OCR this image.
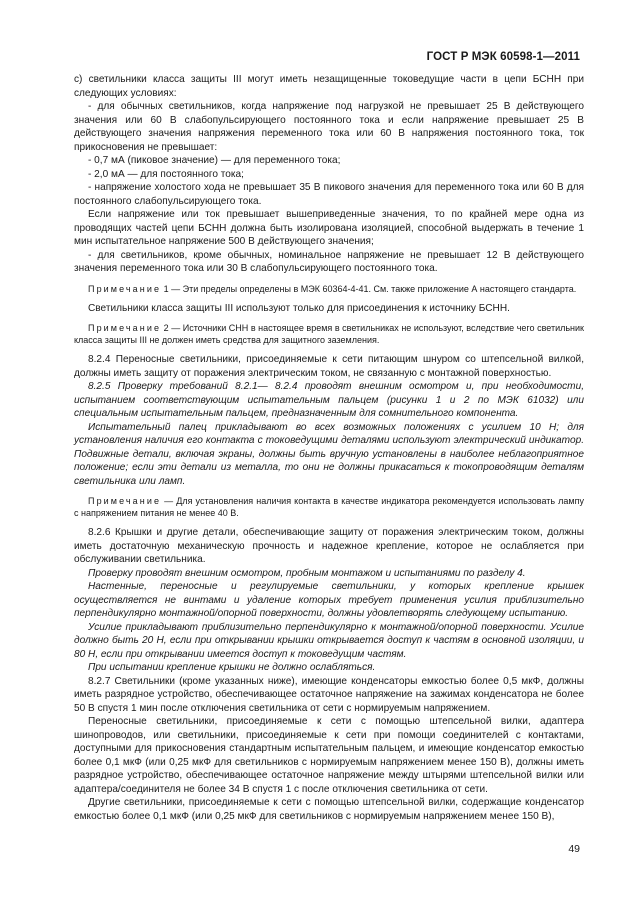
ГОСТ Р МЭК 60598-1—2011

с) светильники класса защиты III могут иметь незащищенные токоведущие части в цепи БСНН при следующих условиях:

- для обычных светильников, когда напряжение под нагрузкой не превышает 25 В действующего значения или 60 В слабопульсирующего постоянного тока и если напряжение превышает 25 В действующего значения напряжения переменного тока или 60 В напряжения постоянного тока, ток прикосновения не превышает:

- 0,7 мА (пиковое значение) — для переменного тока;

- 2,0 мА — для постоянного тока;

- напряжение холостого хода не превышает 35 В пикового значения для переменного тока или 60 В для постоянного слабопульсирующего тока.

Если напряжение или ток превышает вышеприведенные значения, то по крайней мере одна из проводящих частей цепи БСНН должна быть изолирована изоляцией, способной выдержать в течение 1 мин испытательное напряжение 500 В действующего значения;

- для светильников, кроме обычных, номинальное напряжение не превышает 12 В действующего значения переменного тока или 30 В слабопульсирующего постоянного тока.

Примечание 1 — Эти пределы определены в МЭК 60364-4-41. См. также приложение А настоящего стандарта.

Светильники класса защиты III используют только для присоединения к источнику БСНН.

Примечание 2 — Источники СНН в настоящее время в светильниках не используют, вследствие чего светильник класса защиты III не должен иметь средства для защитного заземления.

8.2.4 Переносные светильники, присоединяемые к сети питающим шнуром со штепсельной вилкой, должны иметь защиту от поражения электрическим током, не связанную с монтажной поверхностью.

8.2.5 Проверку требований 8.2.1— 8.2.4 проводят внешним осмотром и, при необходимости, испытанием соответствующим испытательным пальцем (рисунки 1 и 2 по МЭК 61032) или специальным испытательным пальцем, предназначенным для сомнительного компонента.

Испытательный палец прикладывают во всех возможных положениях с усилием 10 Н; для установления наличия его контакта с токоведущими деталями используют электрический индикатор. Подвижные детали, включая экраны, должны быть вручную установлены в наиболее неблагоприятное положение; если эти детали из металла, то они не должны прикасаться к токопроводящим деталям светильника или ламп.

Примечание — Для установления наличия контакта в качестве индикатора рекомендуется использовать лампу с напряжением питания не менее 40 В.

8.2.6 Крышки и другие детали, обеспечивающие защиту от поражения электрическим током, должны иметь достаточную механическую прочность и надежное крепление, которое не ослабляется при обслуживании светильника.

Проверку проводят внешним осмотром, пробным монтажом и испытаниями по разделу 4.

Настенные, переносные и регулируемые светильники, у которых крепление крышек осуществляется не винтами и удаление которых требует применения усилия приблизительно перпендикулярно монтажной/опорной поверхности, должны удовлетворять следующему испытанию.

Усилие прикладывают приблизительно перпендикулярно к монтажной/опорной поверхности. Усилие должно быть 20 Н, если при открывании крышки открывается доступ к частям в основной изоляции, и 80 Н, если при открывании имеется доступ к токоведущим частям.

При испытании крепление крышки не должно ослабляться.

8.2.7 Светильники (кроме указанных ниже), имеющие конденсаторы емкостью более 0,5 мкФ, должны иметь разрядное устройство, обеспечивающее остаточное напряжение на зажимах конденсатора не более 50 В спустя 1 мин после отключения светильника от сети с нормируемым напряжением.

Переносные светильники, присоединяемые к сети с помощью штепсельной вилки, адаптера шинопроводов, или светильники, присоединяемые к сети при помощи соединителей с контактами, доступными для прикосновения стандартным испытательным пальцем, и имеющие конденсатор емкостью более 0,1 мкФ (или 0,25 мкФ для светильников с нормируемым напряжением менее 150 В), должны иметь разрядное устройство, обеспечивающее остаточное напряжение между штырями штепсельной вилки или адаптера/соединителя не более 34 В спустя 1 с после отключения светильника от сети.

Другие светильники, присоединяемые к сети с помощью штепсельной вилки, содержащие конденсатор емкостью более 0,1 мкФ (или 0,25 мкФ для светильников с нормируемым напряжением менее 150 В),

49
